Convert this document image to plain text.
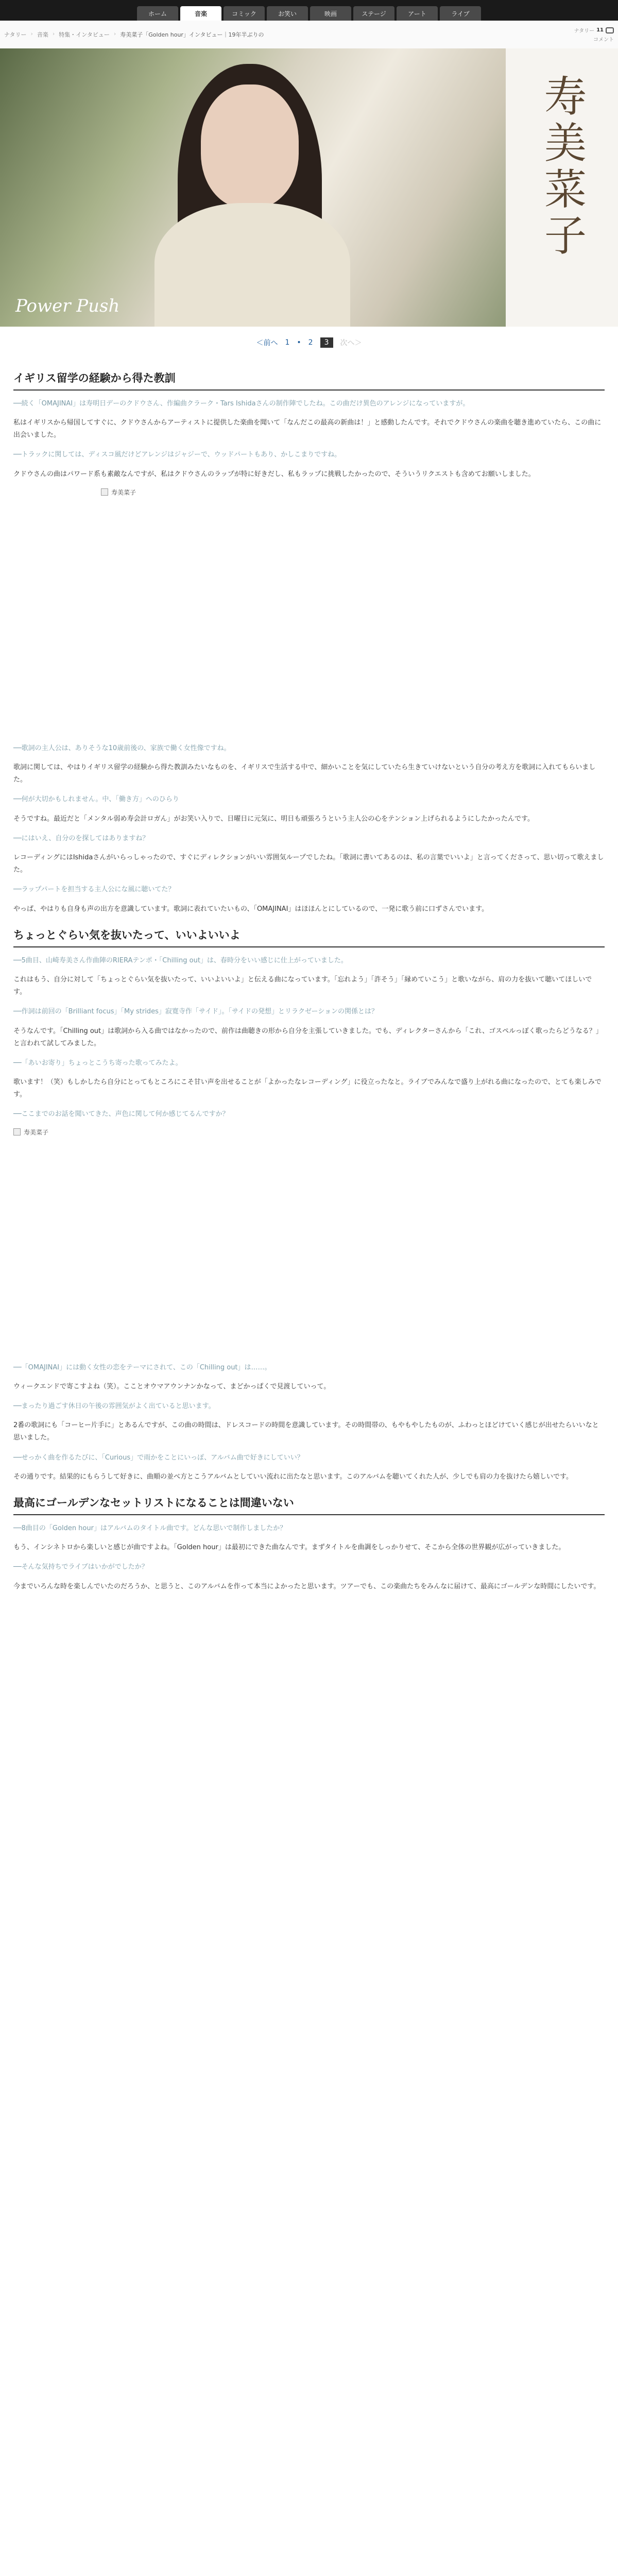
ホーム	音楽	コミック	お笑い	映画	ステージ	アート	ライブ
ナタリー › 音楽 › 特集・インタビュー › 寿美菜子「Golden hour」インタビュー｜19年半ぶりの
ナタリー 11
コメント
Power Push
寿美菜子
＜前へ 1 • 2	3	次へ＞
イギリス留学の経験から得た教訓

──続く「OMAJINAI」は寿明日デーのクドウさん、作編曲クラーク・Tars Ishidaさんの制作陣でしたね。この曲だけ異色のアレンジになっていますが。

私はイギリスから帰国してすぐに、クドウさんからアーティストに提供した楽曲を聞いて「なんだこの最高の新曲は！」と感動したんです。それでクドウさんの楽曲を聴き進めていたら、この曲に出会いました。

──トラックに関しては、ディスコ風だけどアレンジはジャジーで、ウッドパートもあり、かしこまりですね。

クドウさんの曲はパワード系も素敵なんですが、私はクドウさんのラップが特に好きだし、私もラップに挑戦したかったので、そういうリクエストも含めてお願いしました。

寿美菜子

──歌詞の主人公は、ありそうな10歳前後の、家族で働く女性像ですね。

歌詞に関しては、やはりイギリス留学の経験から得た教訓みたいなものを、イギリスで生活する中で、細かいことを気にしていたら生きていけないという自分の考え方を歌詞に入れてもらいました。

──何が大切かもしれません。中、「働き方」へのひらり

そうですね。最近だと「メンタル弱め寿会計ロガん」がお笑い入りで、日曜日に元気に、明日も頑張ろうという主人公の心をテンション上げられるようにしたかったんです。

──にはいえ、自分のを探してはありますね？

レコーディングにはIshidaさんがいらっしゃったので、すぐにディレクションがいい雰囲気ループでしたね。「歌詞に書いてあるのは、私の言葉でいいよ」と言ってくださって、思い切って歌えました。

──ラップパートを担当する主人公にな風に聴いてた？

やっぱ、やはりも自身も声の出方を意識しています。歌詞に表れていたいもの、「OMAJINAI」はほほんとにしているので、一発に歌う前に口ずさんでいます。

ちょっとぐらい気を抜いたって、いいよいいよ

──5曲目、山崎寿美さん作曲陣のRIERAテンポ・「Chilling out」は、春時分をいい感じに仕上がっていました。

これはもう、自分に対して「ちょっとぐらい気を抜いたって、いいよいいよ」と伝える曲になっています。「忘れよう」「許そう」「縁めていこう」と歌いながら、肩の力を抜いて聴いてほしいです。

──作詞は前回の「Brilliant focus」「My strides」寂寛寺作「サイド」。「サイドの発想」とリラクゼーションの関係とは？

そうなんです。「Chilling out」は歌詞から入る曲ではなかったので、前作は曲聴きの形から自分を主張していきました。でも、ディレクターさんから「これ、ゴスペルっぽく歌ったらどうなる？」と言われて試してみました。

──「あいお寄り」ちょっとこうち寄った歌ってみたよ。

歌います！（笑）もしかしたら自分にとってもところにこそ甘い声を出せることが「よかったなレコーディング」に役立ったなと。ライブでみんなで盛り上がれる曲になったので、とても楽しみです。

──ここまでのお話を聞いてきた、声色に関して何か感じてるんですか？

寿美菜子

──「OMAJINAI」には動く女性の恋をテーマにされて、この「Chilling out」は……。

ウィークエンドで寄こすよね（笑）。こことオウマアウンナンかなって、まどかっぱくで見渡していって。

──まったり過ごす休日の午後の雰囲気がよく出ていると思います。

2番の歌詞にも「コーヒー片手に」とあるんですが、この曲の時間は、ドレスコードの時間を意識しています。その時間帯の、もやもやしたものが、ふわっとほどけていく感じが出せたらいいなと思いました。

──せっかく曲を作るたびに、「Curious」で雨かをことにいっぽ、アルバム曲で好きにしていい？

その通りです。結果的にもらうして好きに、曲順の並べ方とこうアルバムとしていい流れに出たなと思います。このアルバムを聴いてくれた人が、少しでも肩の力を抜けたら嬉しいです。

最高にゴールデンなセットリストになることは間違いない

──8曲目の「Golden hour」はアルバムのタイトル曲です。どんな思いで制作しましたか？

もう、インシネトロから楽しいと感じが曲ですよね。「Golden hour」は最初にできた曲なんです。まずタイトルを曲調をしっかりせて、そこから全体の世界観が広がっていきました。

──そんな気持ちでライブはいかがでしたか？

今までいろんな時を楽しんでいたのだろうか、と思うと、このアルバムを作って本当によかったと思います。ツアーでも、この楽曲たちをみんなに届けて、最高にゴールデンな時間にしたいです。
